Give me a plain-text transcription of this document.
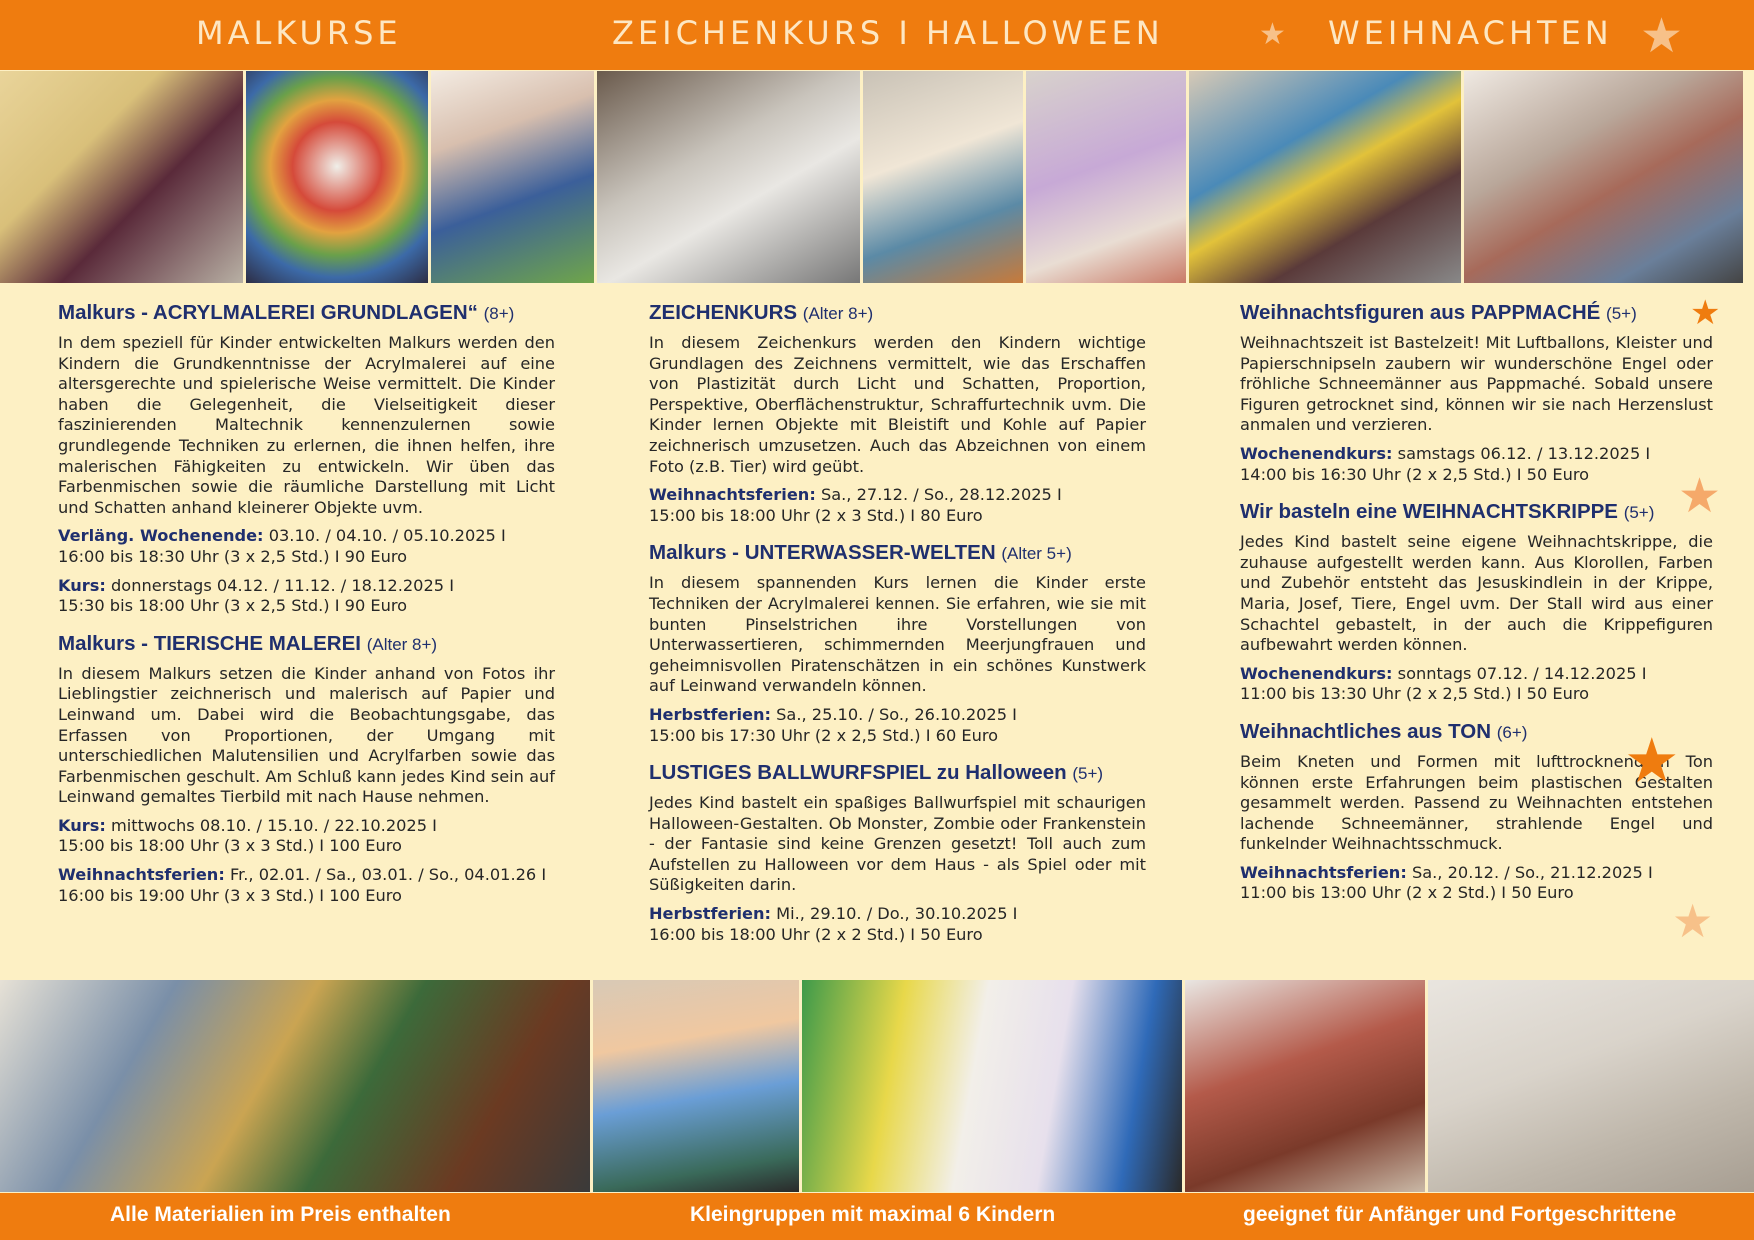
MALKURSE	ZEICHENKURS I HALLOWEEN	★ WEIHNACHTEN ★
Malkurs - ACRYLMALEREI GRUNDLAGEN“ (8+)
In dem speziell für Kinder entwickelten Malkurs werden den Kindern die Grundkenntnisse der Acrylmalerei auf eine altersgerechte und spielerische Weise vermittelt. Die Kinder haben die Gelegenheit, die Vielseitigkeit dieser faszinierenden Maltechnik kennenzulernen sowie grundlegende Techniken zu erlernen, die ihnen helfen, ihre malerischen Fähigkeiten zu entwickeln. Wir üben das Farbenmischen sowie die räumliche Darstellung mit Licht und Schatten anhand kleinerer Objekte uvm.
Verläng. Wochenende: 03.10. / 04.10. / 05.10.2025 I
16:00 bis 18:30 Uhr (3 x 2,5 Std.) I 90 Euro
Kurs: donnerstags 04.12. / 11.12. / 18.12.2025 I
15:30 bis 18:00 Uhr (3 x 2,5 Std.) I 90 Euro
Malkurs - TIERISCHE MALEREI (Alter 8+)
In diesem Malkurs setzen die Kinder anhand von Fotos ihr Lieblingstier zeichnerisch und malerisch auf Papier und Leinwand um. Dabei wird die Beobachtungsgabe, das Erfassen von Proportionen, der Umgang mit unterschiedlichen Malutensilien und Acrylfarben sowie das Farbenmischen geschult. Am Schluß kann jedes Kind sein auf Leinwand gemaltes Tierbild mit nach Hause nehmen.
Kurs: mittwochs 08.10. / 15.10. / 22.10.2025 I
15:00 bis 18:00 Uhr (3 x 3 Std.) I 100 Euro
Weihnachtsferien: Fr., 02.01. / Sa., 03.01. / So., 04.01.26 I
16:00 bis 19:00 Uhr (3 x 3 Std.) I 100 Euro
ZEICHENKURS (Alter 8+)
In diesem Zeichenkurs werden den Kindern wichtige Grundlagen des Zeichnens vermittelt, wie das Erschaffen von Plastizität durch Licht und Schatten, Proportion, Perspektive, Oberflächenstruktur, Schraffurtechnik uvm. Die Kinder lernen Objekte mit Bleistift und Kohle auf Papier zeichnerisch umzusetzen. Auch das Abzeichnen von einem Foto (z.B. Tier) wird geübt.
Weihnachtsferien: Sa., 27.12. / So., 28.12.2025 I
15:00 bis 18:00 Uhr (2 x 3 Std.) I 80 Euro
Malkurs - UNTERWASSER-WELTEN (Alter 5+)
In diesem spannenden Kurs lernen die Kinder erste Techniken der Acrylmalerei kennen. Sie erfahren, wie sie mit bunten Pinselstrichen ihre Vorstellungen von Unterwassertieren, schimmernden Meerjungfrauen und geheimnisvollen Piratenschätzen in ein schönes Kunstwerk auf Leinwand verwandeln können.
Herbstferien: Sa., 25.10. / So., 26.10.2025 I
15:00 bis 17:30 Uhr (2 x 2,5 Std.) I 60 Euro
LUSTIGES BALLWURFSPIEL zu Halloween (5+)
Jedes Kind bastelt ein spaßiges Ballwurfspiel mit schaurigen Halloween-Gestalten. Ob Monster, Zombie oder Frankenstein - der Fantasie sind keine Grenzen gesetzt! Toll auch zum Aufstellen zu Halloween vor dem Haus - als Spiel oder mit Süßigkeiten darin.
Herbstferien: Mi., 29.10. / Do., 30.10.2025 I
16:00 bis 18:00 Uhr (2 x 2 Std.) I 50 Euro
Weihnachtsfiguren aus PAPPMACHÉ (5+)
Weihnachtszeit ist Bastelzeit! Mit Luftballons, Kleister und Papierschnipseln zaubern wir wunderschöne Engel oder fröhliche Schneemänner aus Pappmaché. Sobald unsere Figuren getrocknet sind, können wir sie nach Herzenslust anmalen und verzieren.
Wochenendkurs: samstags 06.12. / 13.12.2025 I
14:00 bis 16:30 Uhr (2 x 2,5 Std.) I 50 Euro
Wir basteln eine WEIHNACHTSKRIPPE (5+)
Jedes Kind bastelt seine eigene Weihnachtskrippe, die zuhause aufgestellt werden kann. Aus Klorollen, Farben und Zubehör entsteht das Jesuskindlein in der Krippe, Maria, Josef, Tiere, Engel uvm. Der Stall wird aus einer Schachtel gebastelt, in der auch die Krippefiguren aufbewahrt werden können.
Wochenendkurs: sonntags 07.12. / 14.12.2025 I
11:00 bis 13:30 Uhr (2 x 2,5 Std.) I 50 Euro
Weihnachtliches aus TON (6+)
Beim Kneten und Formen mit lufttrocknendem Ton können erste Erfahrungen beim plastischen Gestalten gesammelt werden. Passend zu Weihnachten entstehen lachende Schneemänner, strahlende Engel und funkelnder Weihnachtsschmuck.
Weihnachtsferien: Sa., 20.12. / So., 21.12.2025 I
11:00 bis 13:00 Uhr (2 x 2 Std.) I 50 Euro
★
★
★
★
Alle Materialien im Preis enthalten	Kleingruppen mit maximal 6 Kindern	geeignet für Anfänger und Fortgeschrittene
